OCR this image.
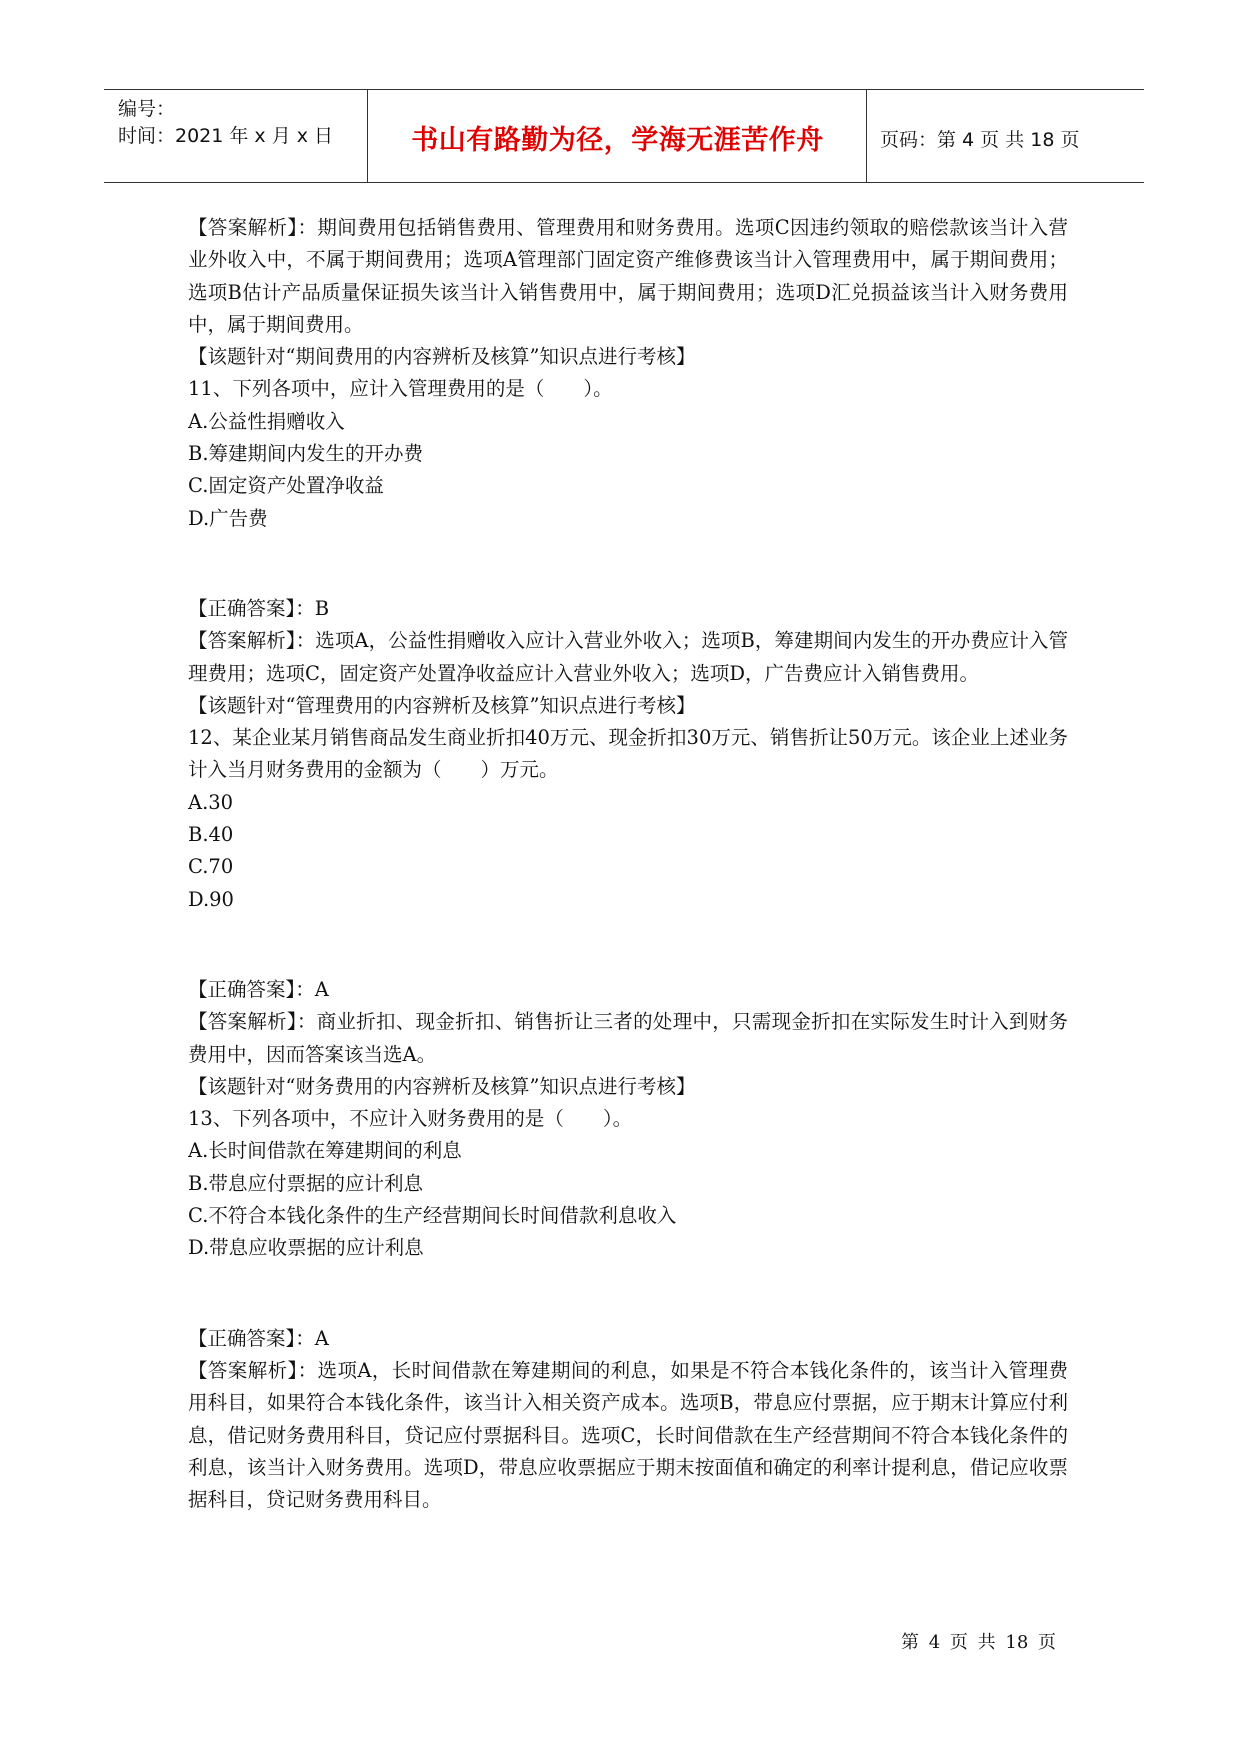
编号：
时间：2021 年 x 月 x 日	书山有路勤为径，学海无涯苦作舟	页码：第 4 页 共 18 页
【答案解析】：期间费用包括销售费用、管理费用和财务费用。选项C因违约领取的赔偿款该当计入营业外收入中，不属于期间费用；选项A管理部门固定资产维修费该当计入管理费用中，属于期间费用；选项B估计产品质量保证损失该当计入销售费用中，属于期间费用；选项D汇兑损益该当计入财务费用中，属于期间费用。
【该题针对“期间费用的内容辨析及核算”知识点进行考核】
11、下列各项中，应计入管理费用的是（　　）。
A.公益性捐赠收入
B.筹建期间内发生的开办费
C.固定资产处置净收益
D.广告费
【正确答案】：B
【答案解析】：选项A，公益性捐赠收入应计入营业外收入；选项B，筹建期间内发生的开办费应计入管理费用；选项C，固定资产处置净收益应计入营业外收入；选项D，广告费应计入销售费用。
【该题针对“管理费用的内容辨析及核算”知识点进行考核】
12、某企业某月销售商品发生商业折扣40万元、现金折扣30万元、销售折让50万元。该企业上述业务计入当月财务费用的金额为（　　）万元。
A.30
B.40
C.70
D.90
【正确答案】：A
【答案解析】：商业折扣、现金折扣、销售折让三者的处理中，只需现金折扣在实际发生时计入到财务费用中，因而答案该当选A。
【该题针对“财务费用的内容辨析及核算”知识点进行考核】
13、下列各项中，不应计入财务费用的是（　　）。
A.长时间借款在筹建期间的利息
B.带息应付票据的应计利息
C.不符合本钱化条件的生产经营期间长时间借款利息收入
D.带息应收票据的应计利息
【正确答案】：A
【答案解析】：选项A，长时间借款在筹建期间的利息，如果是不符合本钱化条件的，该当计入管理费用科目，如果符合本钱化条件，该当计入相关资产成本。选项B，带息应付票据，应于期末计算应付利息，借记财务费用科目，贷记应付票据科目。选项C，长时间借款在生产经营期间不符合本钱化条件的利息，该当计入财务费用。选项D，带息应收票据应于期末按面值和确定的利率计提利息，借记应收票据科目，贷记财务费用科目。
第 4 页 共 18 页
